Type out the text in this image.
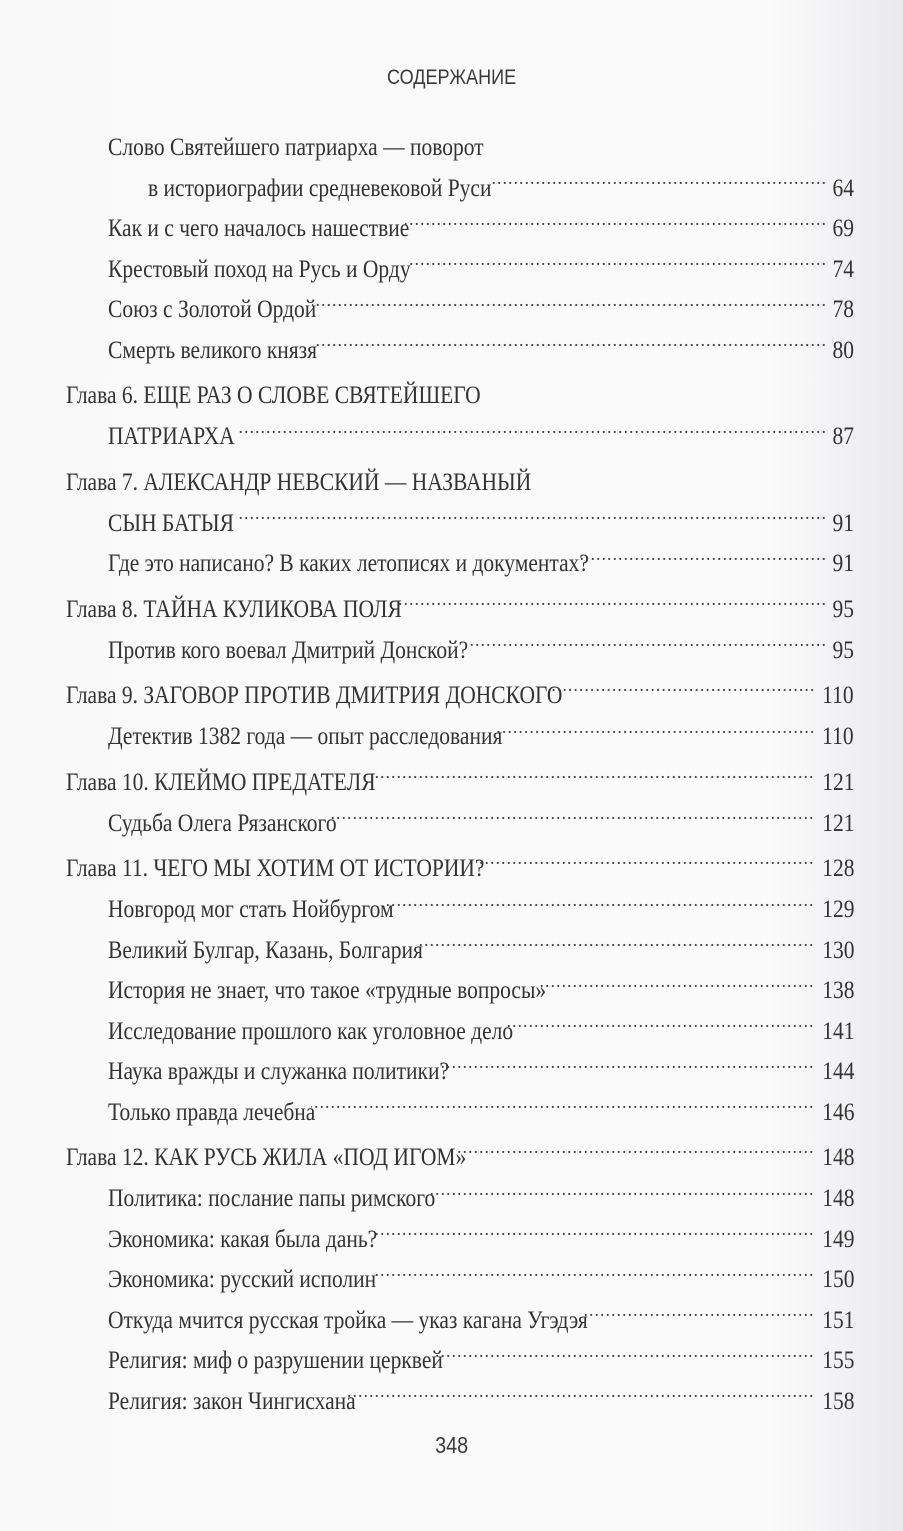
СОДЕРЖАНИЕ
Слово Святейшего патриарха — поворот
в историографии средневековой Руси .....	64
Как и с чего началось нашествие .....	69
Крестовый поход на Русь и Орду .....	74
Союз с Золотой Ордой .....	78
Смерть великого князя .....	80
Глава 6. ЕЩЕ РАЗ О СЛОВЕ СВЯТЕЙШЕГО
ПАТРИАРХА .....	87
Глава 7. АЛЕКСАНДР НЕВСКИЙ — НАЗВАНЫЙ
СЫН БАТЫЯ .....	91
Где это написано? В каких летописях и документах? .....	91
Глава 8. ТАЙНА КУЛИКОВА ПОЛЯ .....	95
Против кого воевал Дмитрий Донской? .....	95
Глава 9. ЗАГОВОР ПРОТИВ ДМИТРИЯ ДОНСКОГО .....	110
Детектив 1382 года — опыт расследования .....	110
Глава 10. КЛЕЙМО ПРЕДАТЕЛЯ .....	121
Судьба Олега Рязанского .....	121
Глава 11. ЧЕГО МЫ ХОТИМ ОТ ИСТОРИИ? .....	128
Новгород мог стать Нойбургом .....	129
Великий Булгар, Казань, Болгария .....	130
История не знает, что такое «трудные вопросы» .....	138
Исследование прошлого как уголовное дело .....	141
Наука вражды и служанка политики? .....	144
Только правда лечебна .....	146
Глава 12. КАК РУСЬ ЖИЛА «ПОД ИГОМ» .....	148
Политика: послание папы римского .....	148
Экономика: какая была дань? .....	149
Экономика: русский исполин .....	150
Откуда мчится русская тройка — указ кагана Угэдэя .....	151
Религия: миф о разрушении церквей .....	155
Религия: закон Чингисхана .....	158
348
